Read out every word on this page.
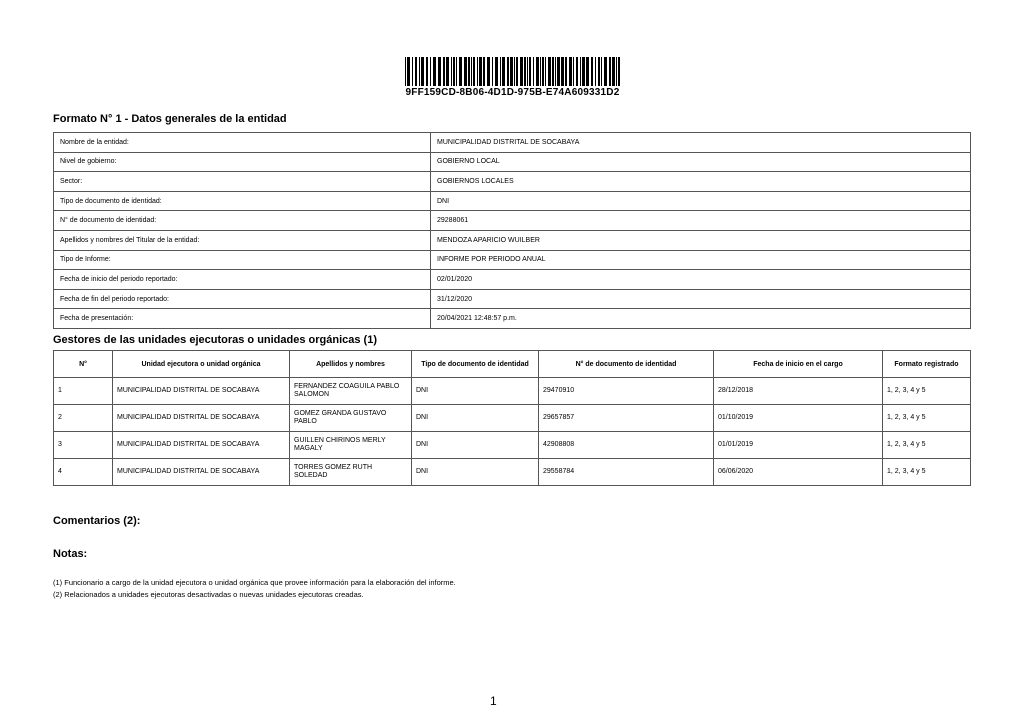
9FF159CD-8B06-4D1D-975B-E74A609331D2
Formato N° 1 - Datos generales de la entidad
Nombre de la entidad:	MUNICIPALIDAD DISTRITAL DE SOCABAYA
Nivel de gobierno:	GOBIERNO LOCAL
Sector:	GOBIERNOS LOCALES
Tipo de documento de identidad:	DNI
N° de documento de identidad:	29288061
Apellidos y nombres del Titular de la entidad:	MENDOZA APARICIO WUILBER
Tipo de Informe:	INFORME POR PERIODO ANUAL
Fecha de inicio del periodo reportado:	02/01/2020
Fecha de fin del periodo reportado:	31/12/2020
Fecha de presentación:	20/04/2021 12:48:57 p.m.
Gestores de las unidades ejecutoras o unidades orgánicas (1)
N°	Unidad ejecutora o unidad orgánica	Apellidos y nombres	Tipo de documento de identidad	N° de documento de identidad	Fecha de inicio en el cargo	Formato registrado
1	MUNICIPALIDAD DISTRITAL DE SOCABAYA	FERNANDEZ COAGUILA PABLO SALOMON	DNI	29470910	28/12/2018	1, 2, 3, 4 y 5
2	MUNICIPALIDAD DISTRITAL DE SOCABAYA	GOMEZ GRANDA GUSTAVO PABLO	DNI	29657857	01/10/2019	1, 2, 3, 4 y 5
3	MUNICIPALIDAD DISTRITAL DE SOCABAYA	GUILLEN CHIRINOS MERLY MAGALY	DNI	42908808	01/01/2019	1, 2, 3, 4 y 5
4	MUNICIPALIDAD DISTRITAL DE SOCABAYA	TORRES GOMEZ RUTH SOLEDAD	DNI	29558784	06/06/2020	1, 2, 3, 4 y 5
Comentarios (2):
Notas:
(1) Funcionario a cargo de la unidad ejecutora o unidad orgánica que provee información para la elaboración del informe.
(2) Relacionados a unidades ejecutoras desactivadas o nuevas unidades ejecutoras creadas.
1
